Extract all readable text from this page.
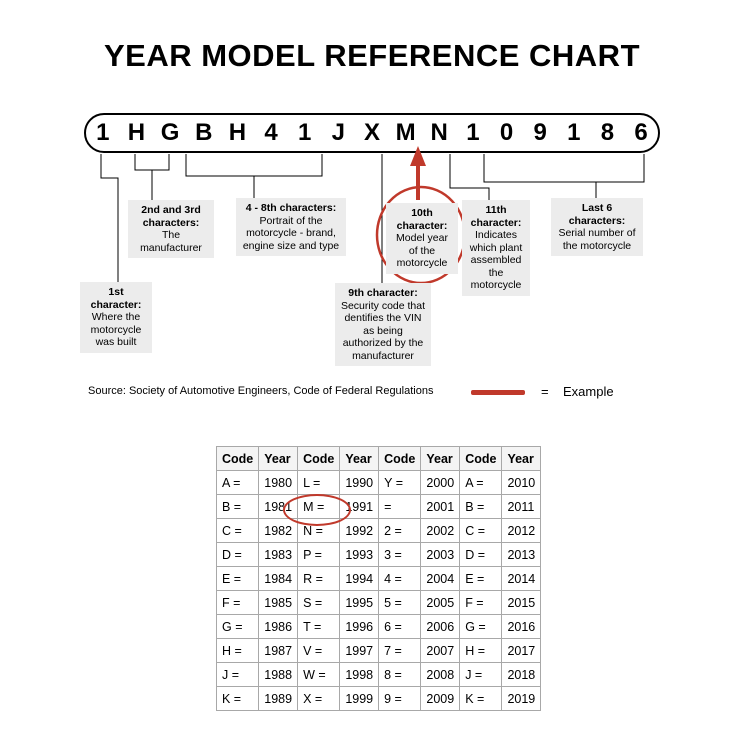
YEAR MODEL REFERENCE CHART
1 H G B H 4 1 J X M N 1 0 9 1 8 6
1st character:
Where the motorcycle was built
2nd and 3rd characters:
The manufacturer
4 - 8th characters:
Portrait of the motorcycle - brand, engine size and type
9th character:
Security code that dentifies the VIN as being authorized by the manufacturer
10th character:
Model year of the motorcycle
11th character:
Indicates which plant assembled the motorcycle
Last 6 characters:
Serial number of the motorcycle
Source: Society of Automotive Engineers, Code of Federal Regulations	= Example
Code	Year	Code	Year	Code	Year	Code	Year
A =	1980	L =	1990	Y =	2000	A =	2010
B =	1981	M =	1991	=	2001	B =	2011
C =	1982	N =	1992	2 =	2002	C =	2012
D =	1983	P =	1993	3 =	2003	D =	2013
E =	1984	R =	1994	4 =	2004	E =	2014
F =	1985	S =	1995	5 =	2005	F =	2015
G =	1986	T =	1996	6 =	2006	G =	2016
H =	1987	V =	1997	7 =	2007	H =	2017
J =	1988	W =	1998	8 =	2008	J =	2018
K =	1989	X =	1999	9 =	2009	K =	2019
